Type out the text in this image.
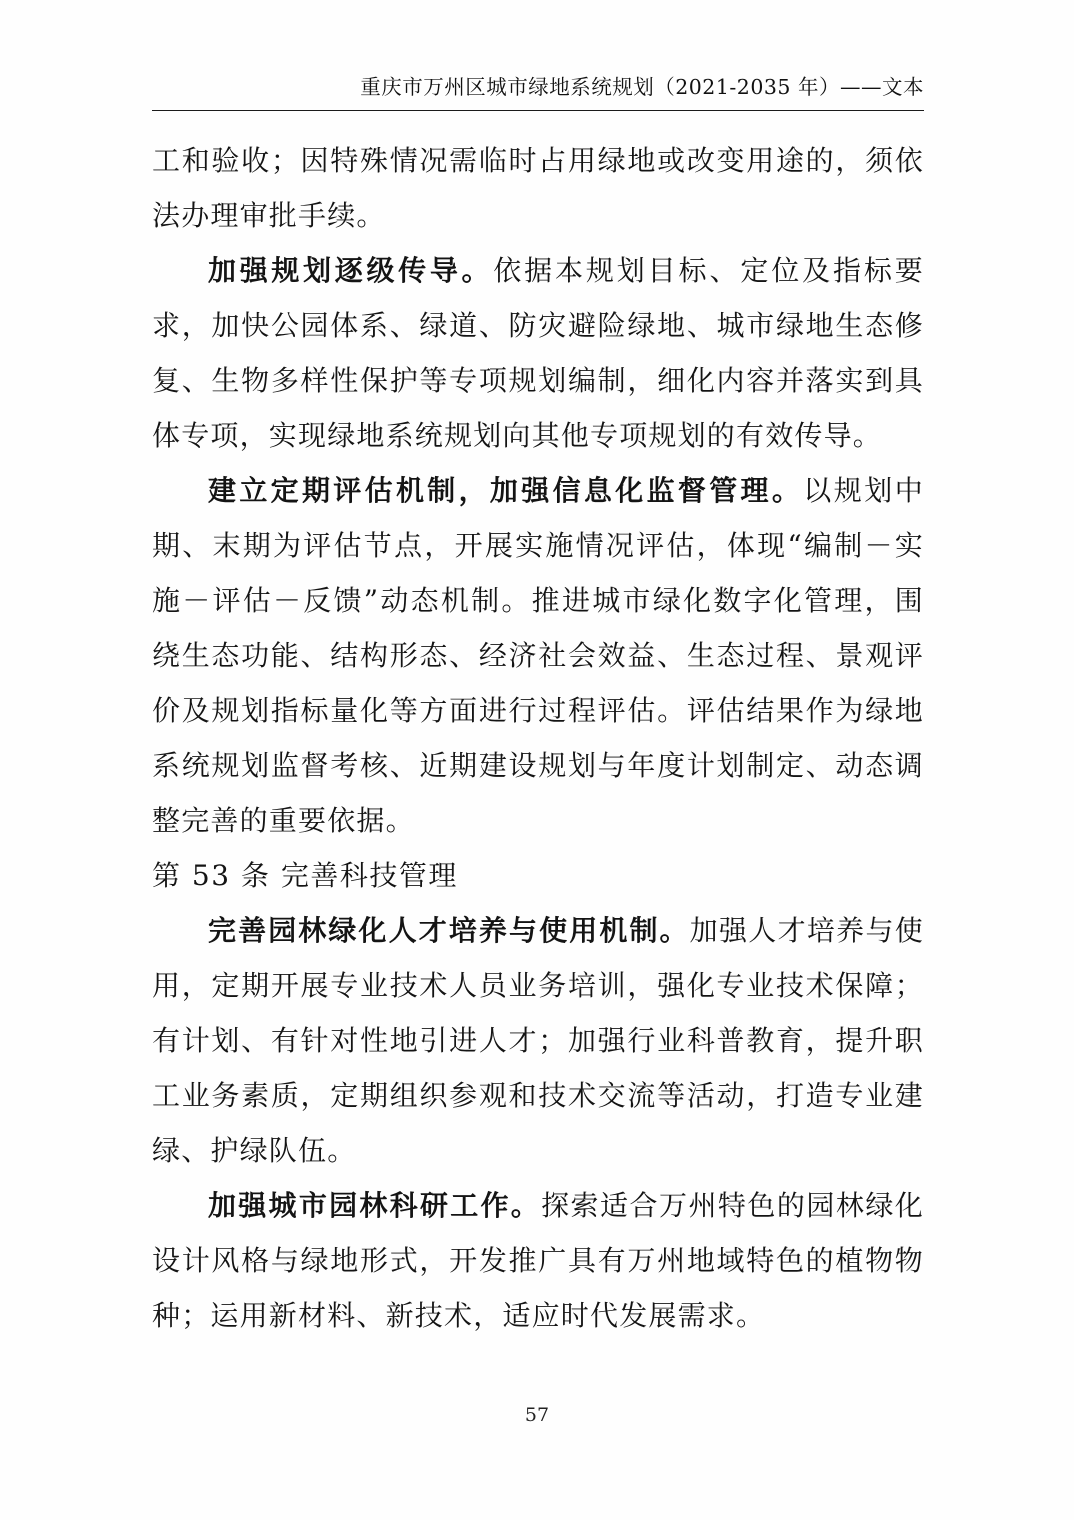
重庆市万州区城市绿地系统规划（2021-2035 年）——文本

工和验收；因特殊情况需临时占用绿地或改变用途的，须依法办理审批手续。

加强规划逐级传导。依据本规划目标、定位及指标要求，加快公园体系、绿道、防灾避险绿地、城市绿地生态修复、生物多样性保护等专项规划编制，细化内容并落实到具体专项，实现绿地系统规划向其他专项规划的有效传导。

建立定期评估机制，加强信息化监督管理。以规划中期、末期为评估节点，开展实施情况评估，体现“编制－实施－评估－反馈”动态机制。推进城市绿化数字化管理，围绕生态功能、结构形态、经济社会效益、生态过程、景观评价及规划指标量化等方面进行过程评估。评估结果作为绿地系统规划监督考核、近期建设规划与年度计划制定、动态调整完善的重要依据。

第 53 条 完善科技管理

完善园林绿化人才培养与使用机制。加强人才培养与使用，定期开展专业技术人员业务培训，强化专业技术保障；有计划、有针对性地引进人才；加强行业科普教育，提升职工业务素质，定期组织参观和技术交流等活动，打造专业建绿、护绿队伍。

加强城市园林科研工作。探索适合万州特色的园林绿化设计风格与绿地形式，开发推广具有万州地域特色的植物物种；运用新材料、新技术，适应时代发展需求。

57
